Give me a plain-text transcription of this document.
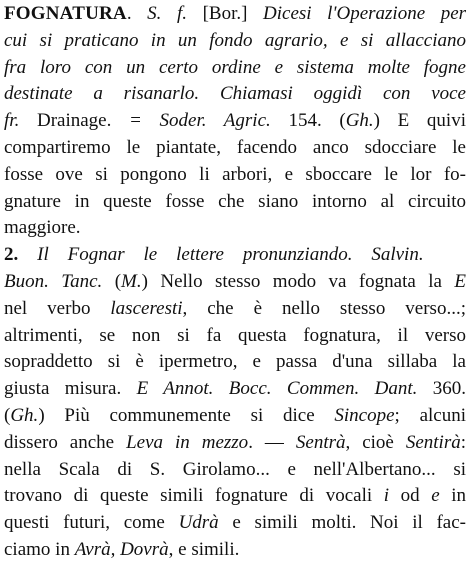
FOGNATURA. S. f. [Bor.] Dicesi l'Operazione per
cui si praticano in un fondo agrario, e si allacciano
fra loro con un certo ordine e sistema molte fogne
destinate a risanarlo. Chiamasi oggidì con voce
fr. Drainage. = Soder. Agric. 154. (Gh.) E quivi
compartiremo le piantate, facendo anco sdocciare le
fosse ove si pongono li arbori, e sboccare le lor fo-
gnature in queste fosse che siano intorno al circuito
maggiore.
2. Il Fognar le lettere pronunziando. Salvin.
Buon. Tanc. (M.) Nello stesso modo va fognata la E
nel verbo lasceresti, che è nello stesso verso...;
altrimenti, se non si fa questa fognatura, il verso
sopraddetto si è ipermetro, e passa d'una sillaba la
giusta misura. E Annot. Bocc. Commen. Dant. 360.
(Gh.) Più communemente si dice Sincope; alcuni
dissero anche Leva in mezzo. — Sentrà, cioè Sentirà:
nella Scala di S. Girolamo... e nell'Albertano... si
trovano di queste simili fognature di vocali i od e in
questi futuri, come Udrà e simili molti. Noi il fac-
ciamo in Avrà, Dovrà, e simili.
